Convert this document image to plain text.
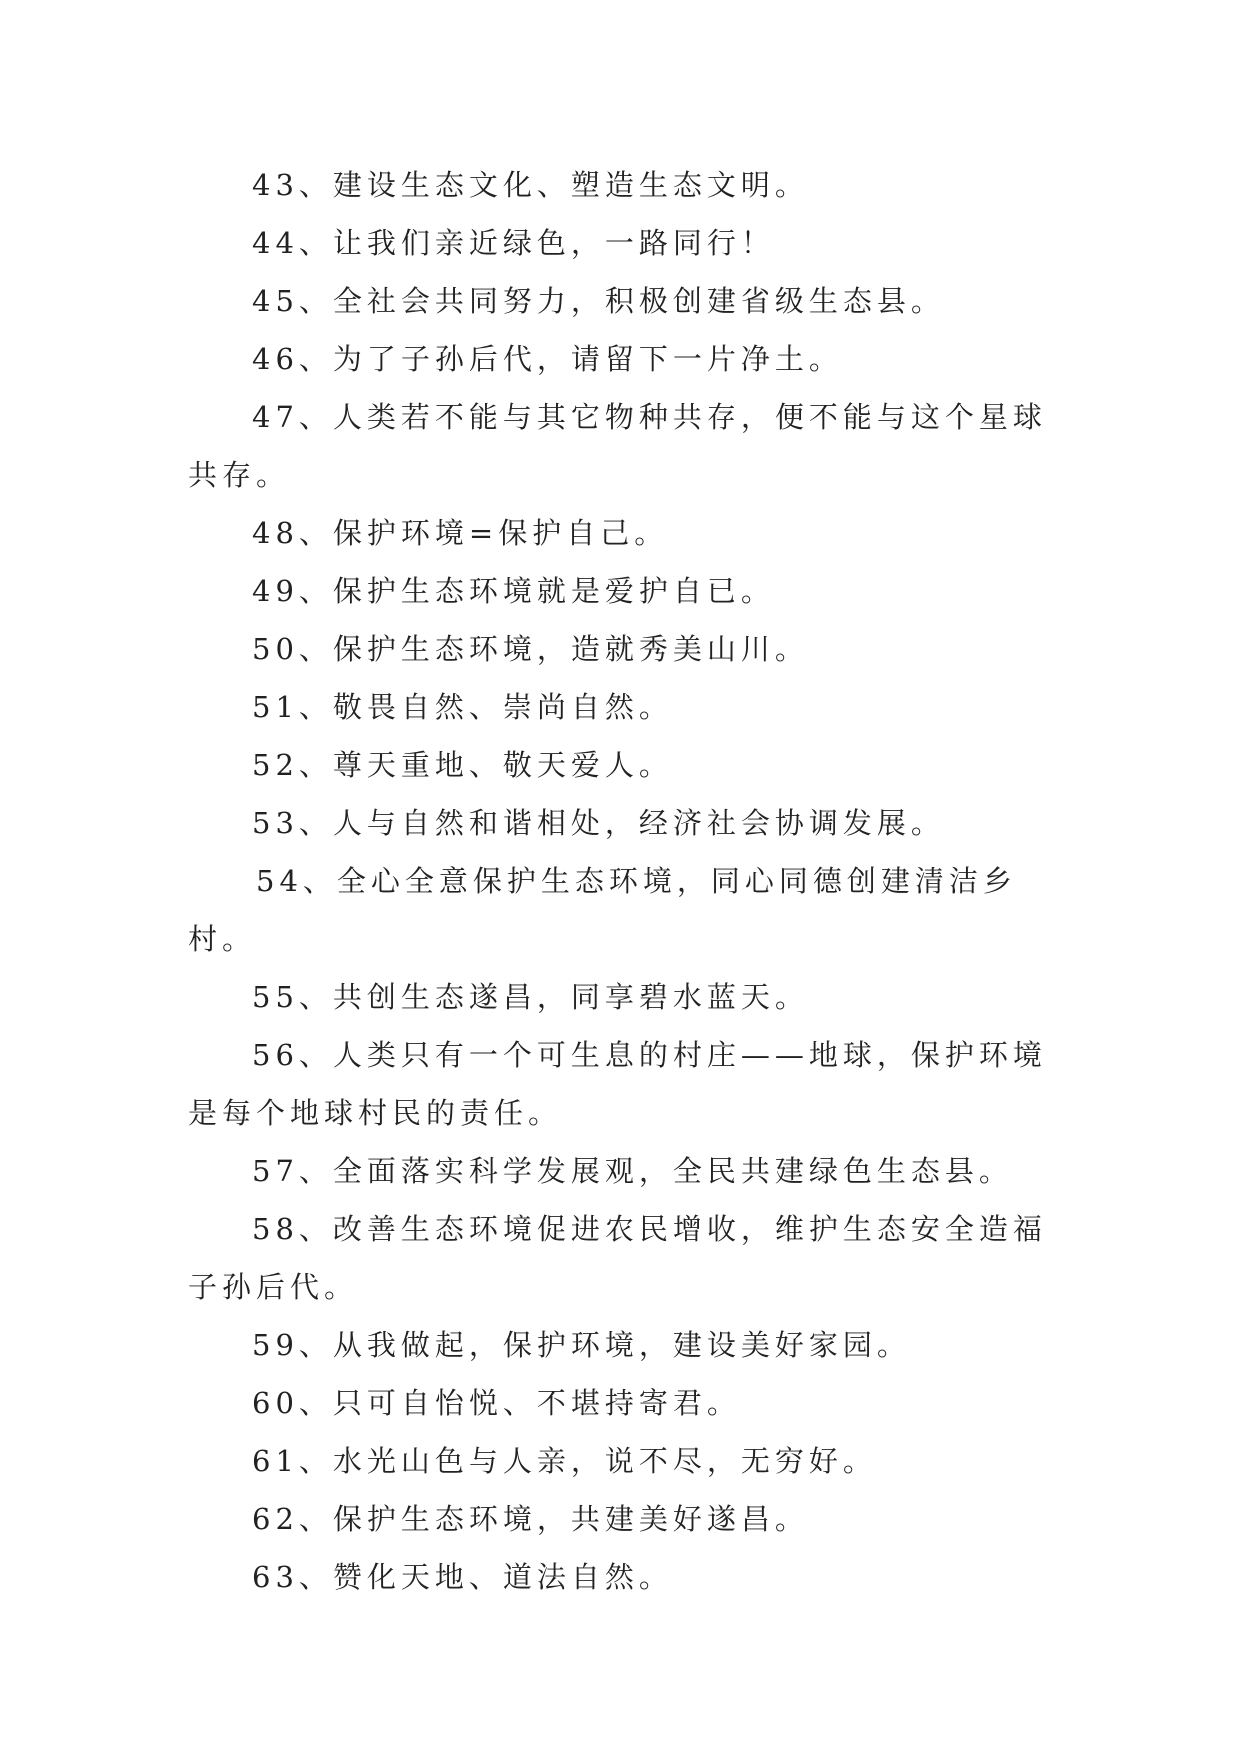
43、建设生态文化、塑造生态文明。

44、让我们亲近绿色，一路同行！

45、全社会共同努力，积极创建省级生态县。

46、为了子孙后代，请留下一片净土。

47、人类若不能与其它物种共存，便不能与这个星球共存。

48、保护环境=保护自己。

49、保护生态环境就是爱护自已。

50、保护生态环境，造就秀美山川。

51、敬畏自然、崇尚自然。

52、尊天重地、敬天爱人。

53、人与自然和谐相处，经济社会协调发展。

54、全心全意保护生态环境，同心同德创建清洁乡村。

55、共创生态遂昌，同享碧水蓝天。

56、人类只有一个可生息的村庄——地球，保护环境是每个地球村民的责任。

57、全面落实科学发展观，全民共建绿色生态县。

58、改善生态环境促进农民增收，维护生态安全造福子孙后代。

59、从我做起，保护环境，建设美好家园。

60、只可自怡悦、不堪持寄君。

61、水光山色与人亲，说不尽，无穷好。

62、保护生态环境，共建美好遂昌。

63、赞化天地、道法自然。
